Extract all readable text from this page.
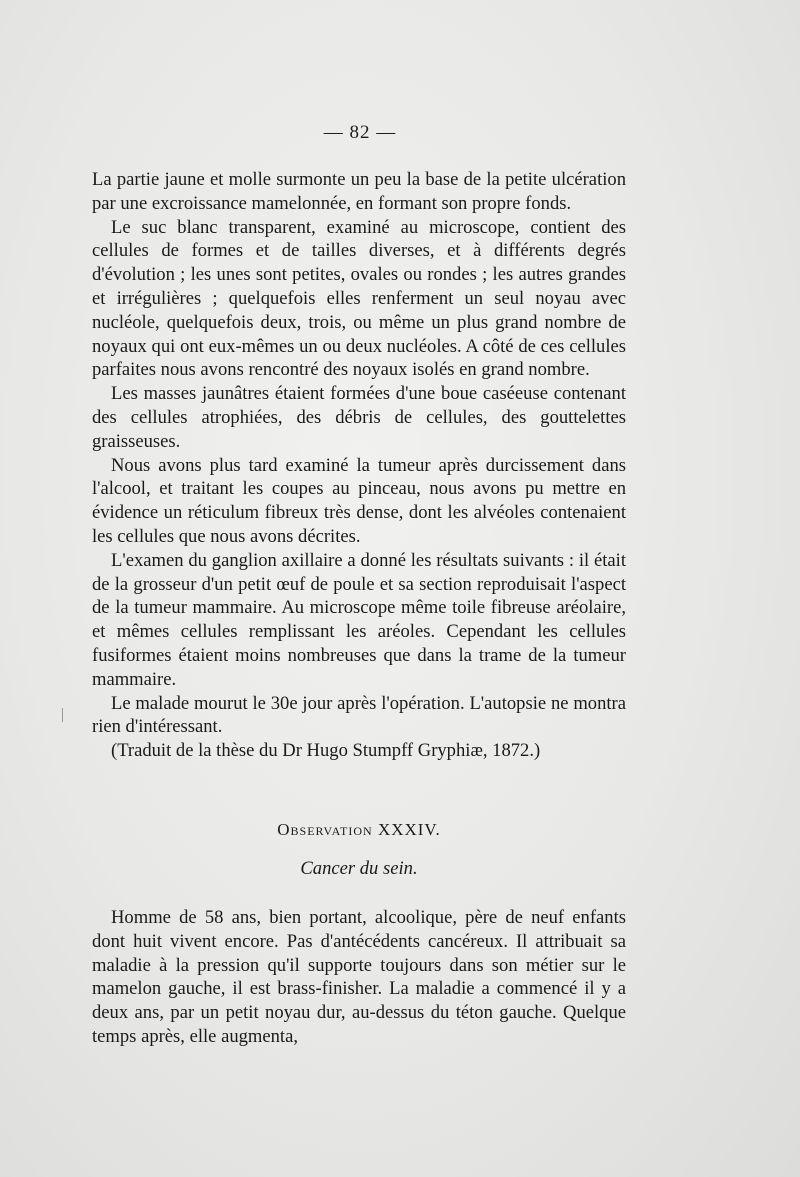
— 82 —

La partie jaune et molle surmonte un peu la base de la petite ulcération par une excroissance mamelonnée, en formant son propre fonds.

Le suc blanc transparent, examiné au microscope, contient des cellules de formes et de tailles diverses, et à différents degrés d'évolution ; les unes sont petites, ovales ou rondes ; les autres grandes et irrégulières ; quelquefois elles renferment un seul noyau avec nucléole, quelquefois deux, trois, ou même un plus grand nombre de noyaux qui ont eux-mêmes un ou deux nucléoles. A côté de ces cellules parfaites nous avons rencontré des noyaux isolés en grand nombre.

Les masses jaunâtres étaient formées d'une boue caséeuse contenant des cellules atrophiées, des débris de cellules, des gouttelettes graisseuses.

Nous avons plus tard examiné la tumeur après durcissement dans l'alcool, et traitant les coupes au pinceau, nous avons pu mettre en évidence un réticulum fibreux très dense, dont les alvéoles contenaient les cellules que nous avons décrites.

L'examen du ganglion axillaire a donné les résultats suivants : il était de la grosseur d'un petit œuf de poule et sa section reproduisait l'aspect de la tumeur mammaire. Au microscope même toile fibreuse aréolaire, et mêmes cellules remplissant les aréoles. Cependant les cellules fusiformes étaient moins nombreuses que dans la trame de la tumeur mammaire.

Le malade mourut le 30e jour après l'opération. L'autopsie ne montra rien d'intéressant.

(Traduit de la thèse du Dr Hugo Stumpff Gryphiæ, 1872.)

Observation XXXIV.
Cancer du sein.

Homme de 58 ans, bien portant, alcoolique, père de neuf enfants dont huit vivent encore. Pas d'antécédents cancéreux. Il attribuait sa maladie à la pression qu'il supporte toujours dans son métier sur le mamelon gauche, il est brass-finisher. La maladie a commencé il y a deux ans, par un petit noyau dur, au-dessus du téton gauche. Quelque temps après, elle augmenta,
